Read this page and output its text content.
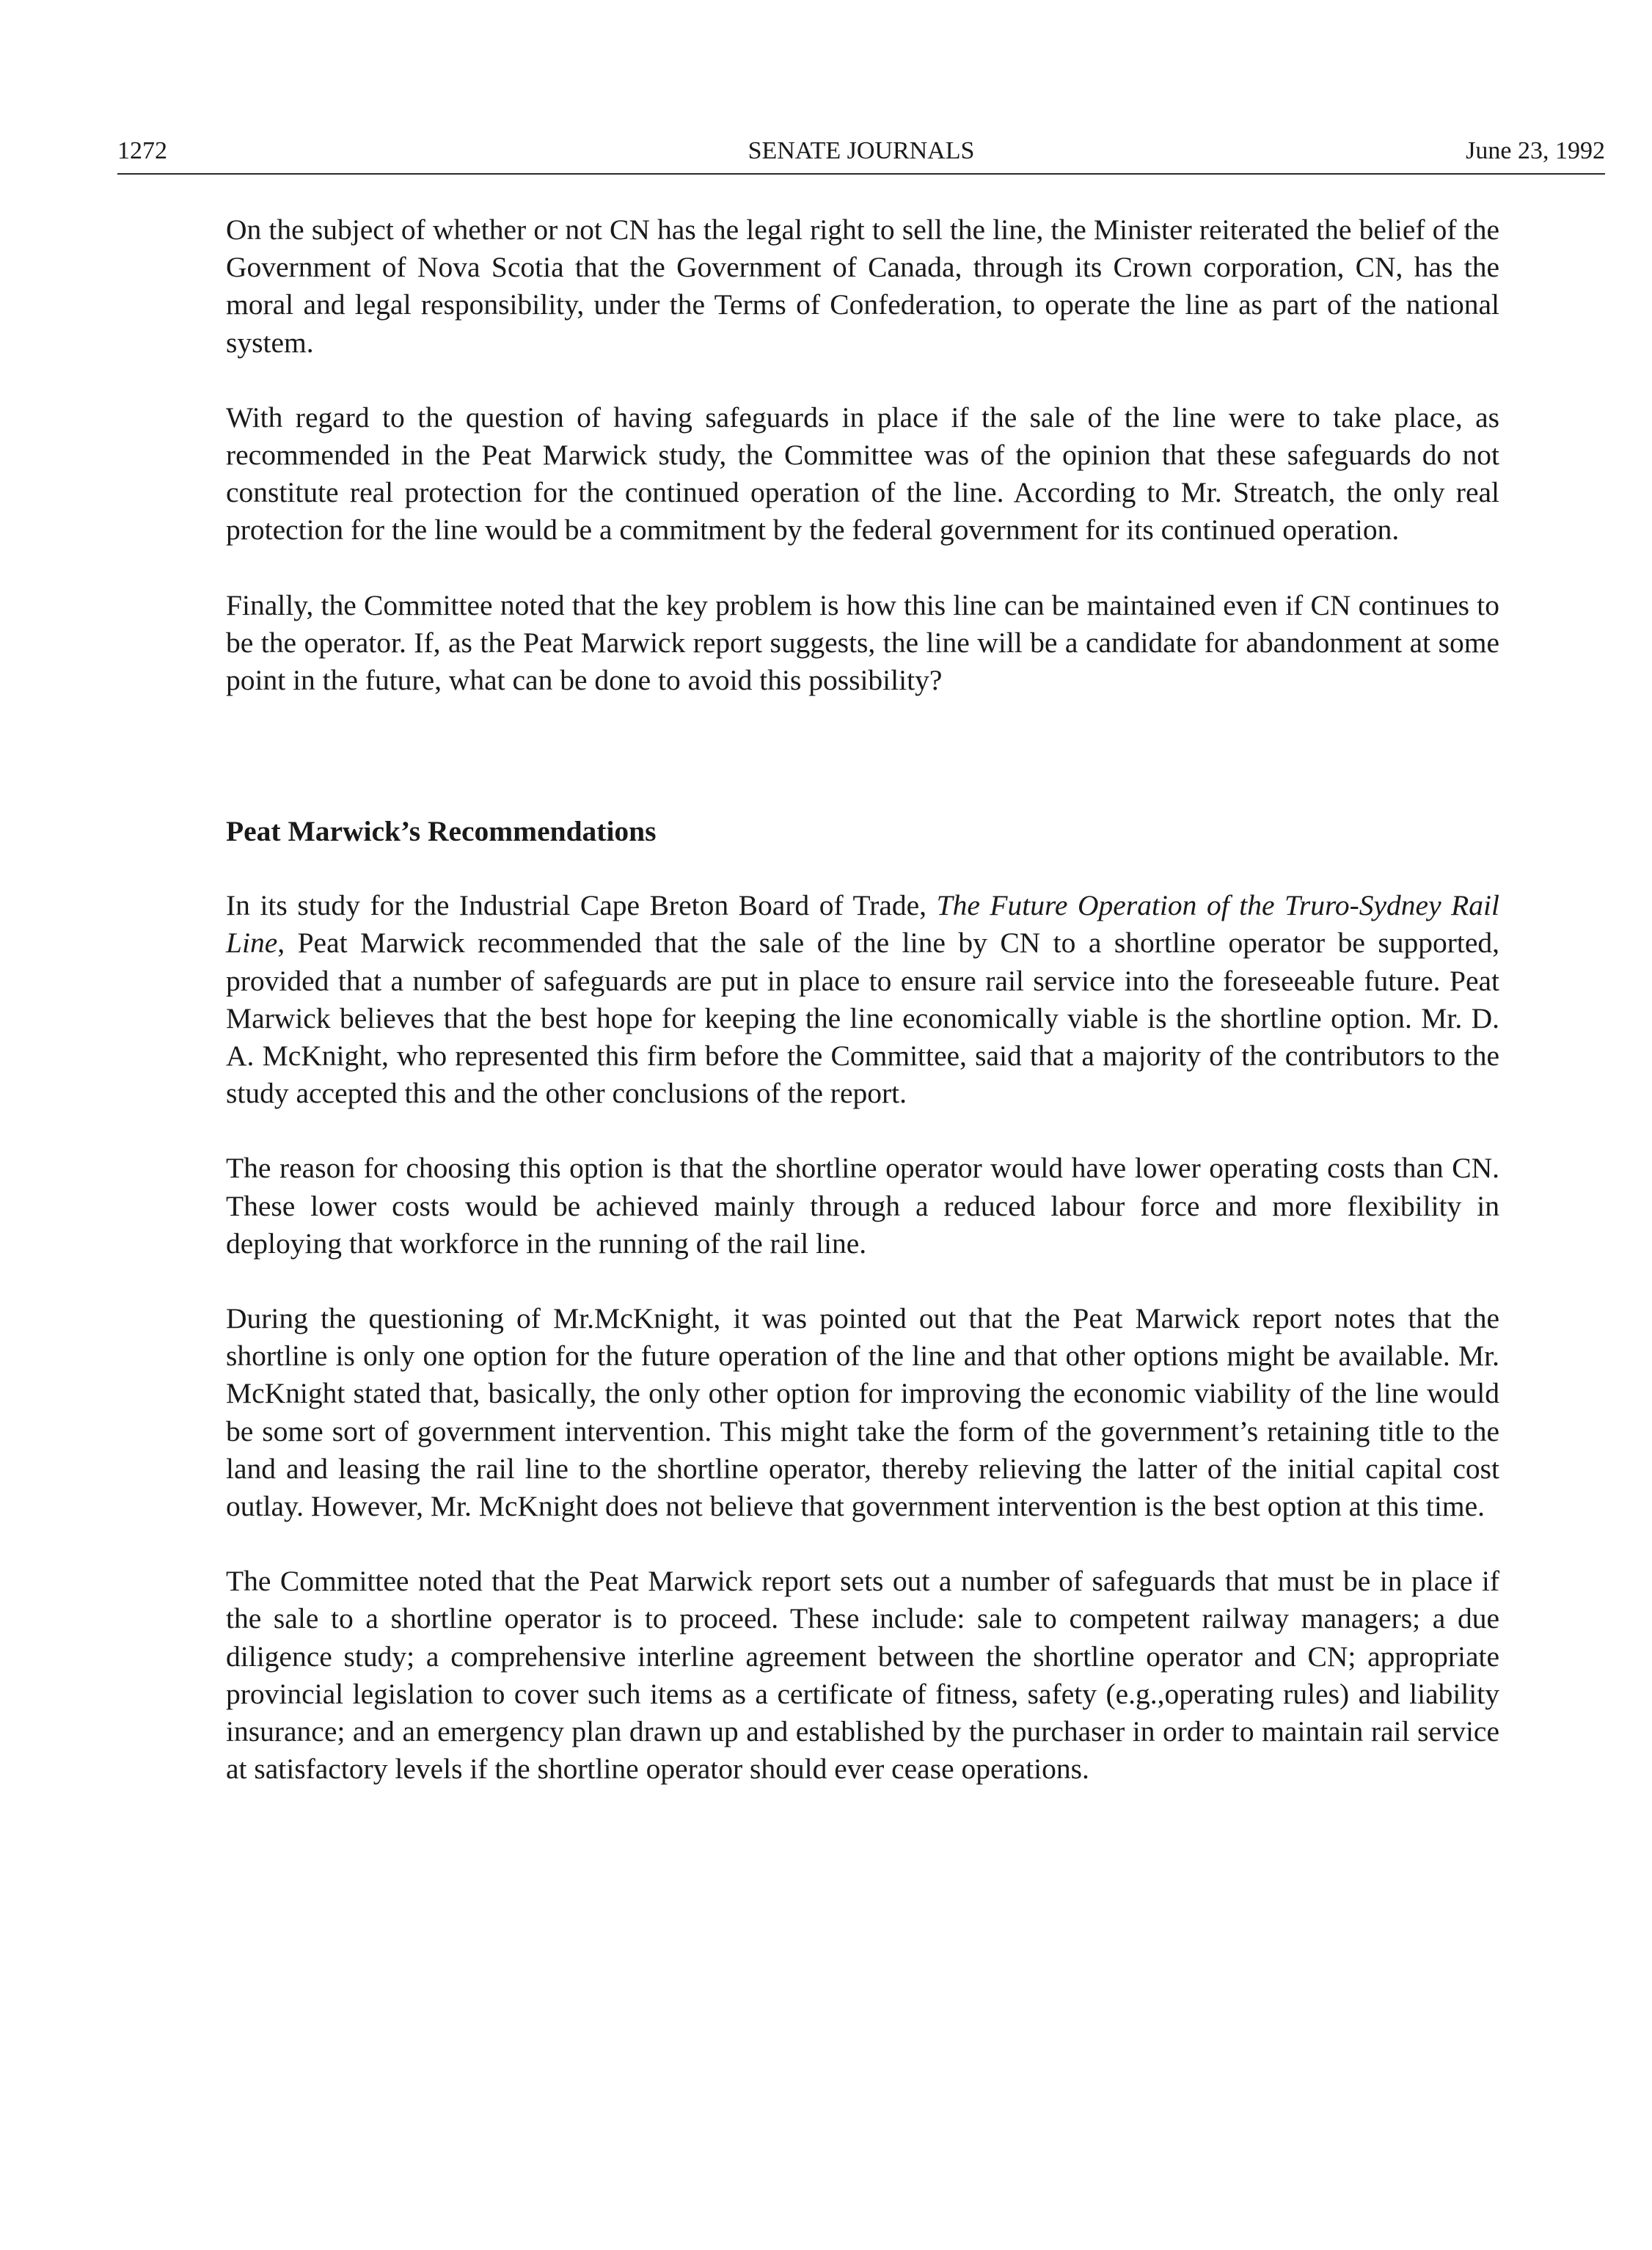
1272	SENATE JOURNALS	June 23, 1992

On the subject of whether or not CN has the legal right to sell the line, the Minister reiterated the belief of the Government of Nova Scotia that the Government of Canada, through its Crown corporation, CN, has the moral and legal responsibility, under the Terms of Confederation, to operate the line as part of the national system.

With regard to the question of having safeguards in place if the sale of the line were to take place, as recommended in the Peat Marwick study, the Committee was of the opinion that these safeguards do not constitute real protection for the continued operation of the line. According to Mr. Streatch, the only real protection for the line would be a commitment by the federal government for its continued operation.

Finally, the Committee noted that the key problem is how this line can be maintained even if CN continues to be the operator. If, as the Peat Marwick report suggests, the line will be a candidate for abandonment at some point in the future, what can be done to avoid this possibility?

Peat Marwick’s Recommendations

In its study for the Industrial Cape Breton Board of Trade, The Future Operation of the Truro-Sydney Rail Line, Peat Marwick recommended that the sale of the line by CN to a shortline operator be supported, provided that a number of safeguards are put in place to ensure rail service into the foreseeable future. Peat Marwick believes that the best hope for keeping the line economically viable is the shortline option. Mr. D. A. McKnight, who represented this firm before the Committee, said that a majority of the contributors to the study accepted this and the other conclusions of the report.

The reason for choosing this option is that the shortline operator would have lower operating costs than CN. These lower costs would be achieved mainly through a reduced labour force and more flexibility in deploying that workforce in the running of the rail line.

During the questioning of Mr.McKnight, it was pointed out that the Peat Marwick report notes that the shortline is only one option for the future operation of the line and that other options might be available. Mr. McKnight stated that, basically, the only other option for improving the economic viability of the line would be some sort of government intervention. This might take the form of the government’s retaining title to the land and leasing the rail line to the shortline operator, thereby relieving the latter of the initial capital cost outlay. However, Mr. McKnight does not believe that government intervention is the best option at this time.

The Committee noted that the Peat Marwick report sets out a number of safeguards that must be in place if the sale to a shortline operator is to proceed. These include: sale to competent railway managers; a due diligence study; a comprehensive interline agreement between the shortline operator and CN; appropriate provincial legislation to cover such items as a certificate of fitness, safety (e.g.,operating rules) and liability insurance; and an emergency plan drawn up and established by the purchaser in order to maintain rail service at satisfactory levels if the shortline operator should ever cease operations.
